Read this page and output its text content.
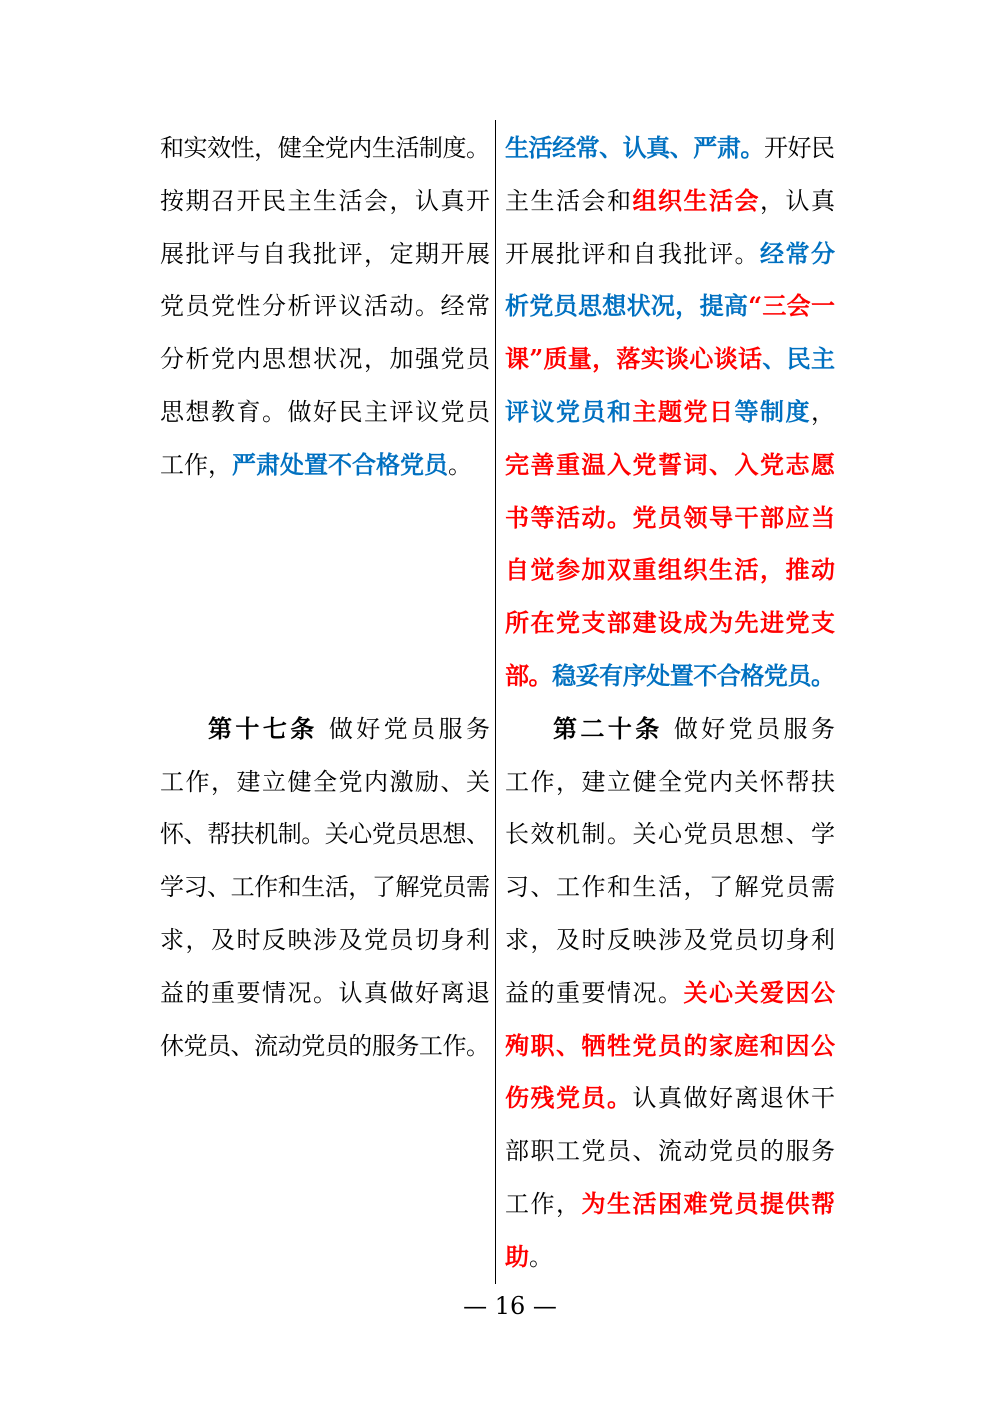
和实效性，健全党内生活制度。
按期召开民主生活会，认真开
展批评与自我批评，定期开展
党员党性分析评议活动。经常
分析党内思想状况，加强党员
思想教育。做好民主评议党员
工作，严肃处置不合格党员。
生活经常、认真、严肃。开好民
主生活会和组织生活会，认真
开展批评和自我批评。经常分
析党员思想状况，提高“三会一
课”质量，落实谈心谈话、民主
评议党员和主题党日等制度，
完善重温入党誓词、入党志愿
书等活动。党员领导干部应当
自觉参加双重组织生活，推动
所在党支部建设成为先进党支
部。稳妥有序处置不合格党员。
第十七条 做好党员服务
工作，建立健全党内激励、关
怀、帮扶机制。关心党员思想、
学习、工作和生活，了解党员需
求，及时反映涉及党员切身利
益的重要情况。认真做好离退
休党员、流动党员的服务工作。
第二十条 做好党员服务
工作，建立健全党内关怀帮扶
长效机制。关心党员思想、学
习、工作和生活，了解党员需
求，及时反映涉及党员切身利
益的重要情况。关心关爱因公
殉职、牺牲党员的家庭和因公
伤残党员。认真做好离退休干
部职工党员、流动党员的服务
工作，为生活困难党员提供帮
助。
— 16 —
